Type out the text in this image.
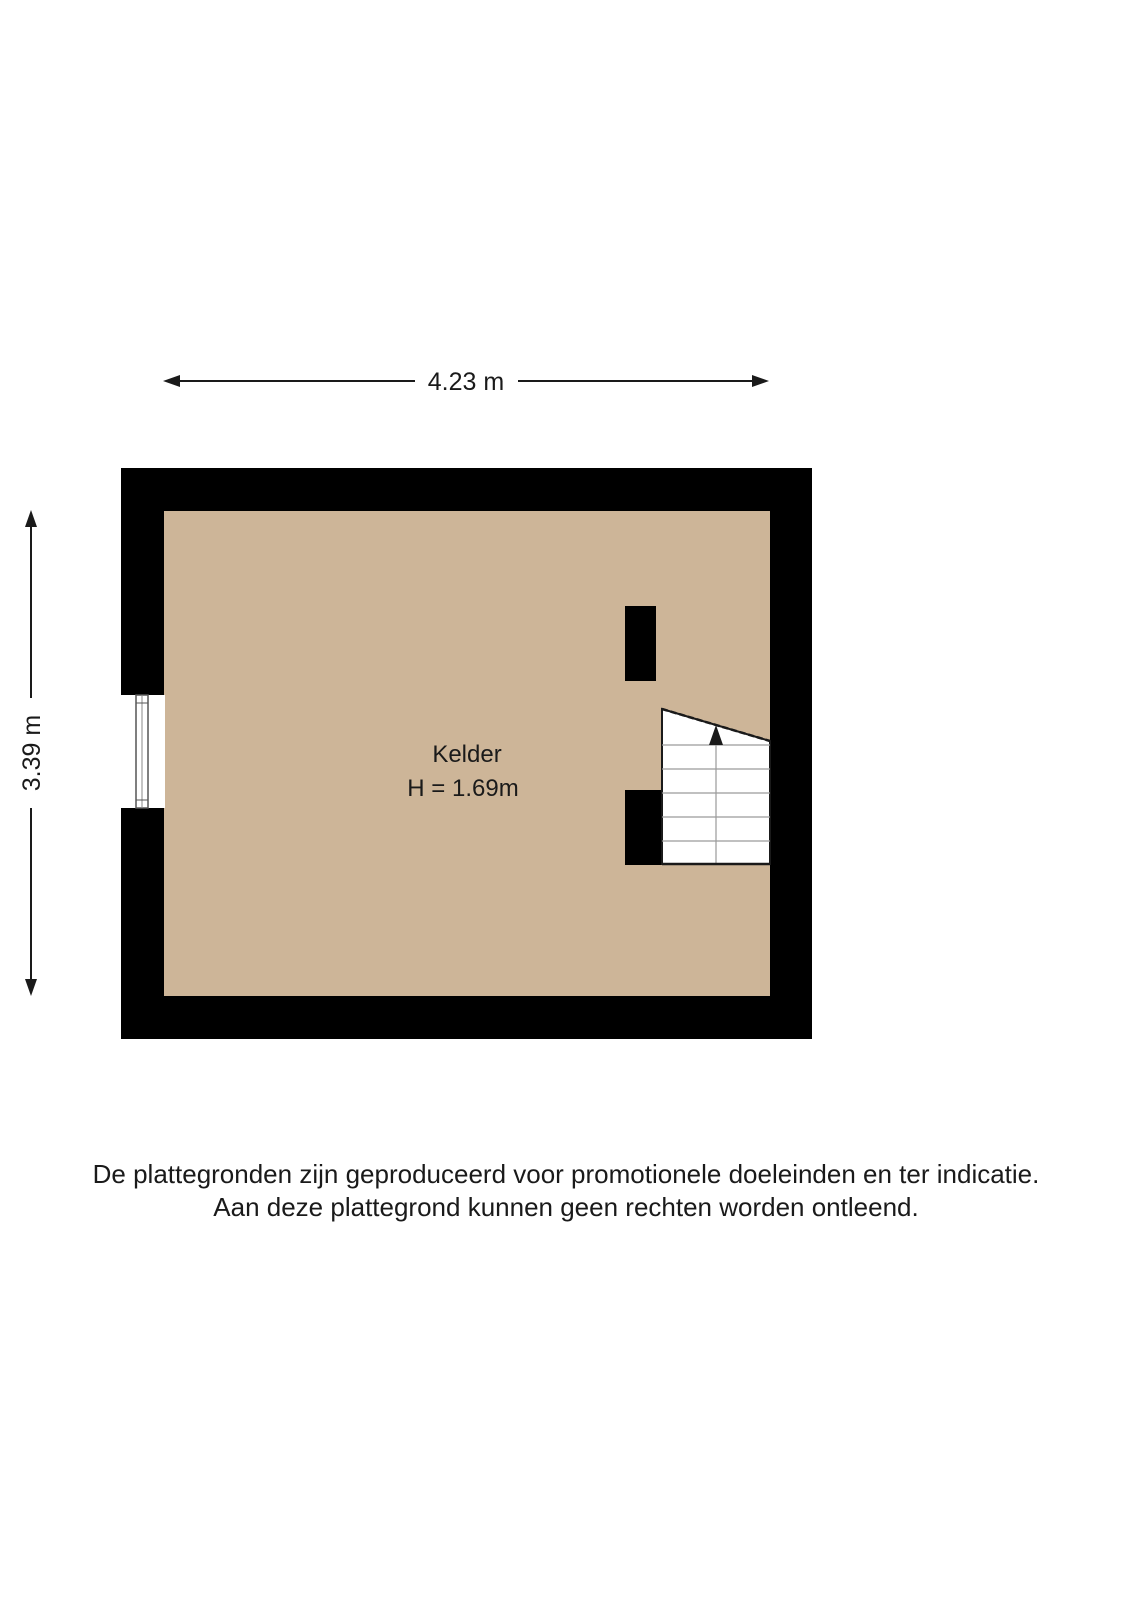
4.23 m
3.39 m	Kelder
H = 1.69m
De plattegronden zijn geproduceerd voor promotionele doeleinden en ter indicatie.
Aan deze plattegrond kunnen geen rechten worden ontleend.
